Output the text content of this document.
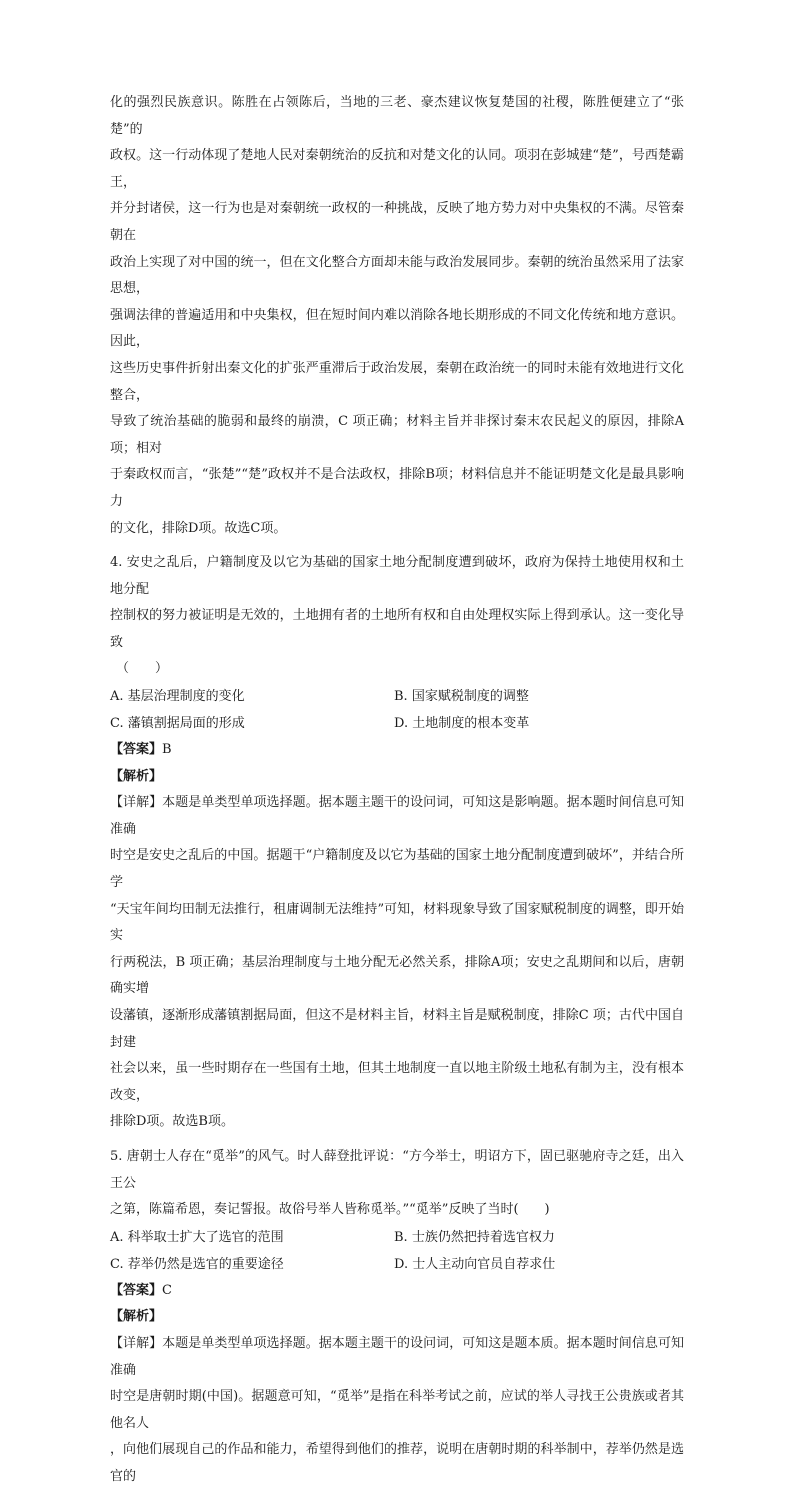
化的强烈民族意识。陈胜在占领陈后，当地的三老、豪杰建议恢复楚国的社稷，陈胜便建立了“张楚”的

政权。这一行动体现了楚地人民对秦朝统治的反抗和对楚文化的认同。项羽在彭城建“楚”，号西楚霸王，

并分封诸侯，这一行为也是对秦朝统一政权的一种挑战，反映了地方势力对中央集权的不满。尽管秦朝在

政治上实现了对中国的统一，但在文化整合方面却未能与政治发展同步。秦朝的统治虽然采用了法家思想，

强调法律的普遍适用和中央集权，但在短时间内难以消除各地长期形成的不同文化传统和地方意识。因此，

这些历史事件折射出秦文化的扩张严重滞后于政治发展，秦朝在政治统一的同时未能有效地进行文化整合，

导致了统治基础的脆弱和最终的崩溃，C 项正确；材料主旨并非探讨秦末农民起义的原因，排除A项；相对

于秦政权而言，“张楚”“楚”政权并不是合法政权，排除B项；材料信息并不能证明楚文化是最具影响力

的文化，排除D项。故选C项。

4. 安史之乱后，户籍制度及以它为基础的国家土地分配制度遭到破坏，政府为保持土地使用权和土地分配

控制权的努力被证明是无效的，土地拥有者的土地所有权和自由处理权实际上得到承认。这一变化导致

（　　）

A. 基层治理制度的变化	B. 国家赋税制度的调整
C. 藩镇割据局面的形成	D. 土地制度的根本变革

【答案】B

【解析】

【详解】本题是单类型单项选择题。据本题主题干的设问词，可知这是影响题。据本题时间信息可知准确

时空是安史之乱后的中国。据题干“户籍制度及以它为基础的国家土地分配制度遭到破坏”，并结合所学

“天宝年间均田制无法推行，租庸调制无法维持”可知，材料现象导致了国家赋税制度的调整，即开始实

行两税法，B 项正确；基层治理制度与土地分配无必然关系，排除A项；安史之乱期间和以后，唐朝确实增

设藩镇，逐渐形成藩镇割据局面，但这不是材料主旨，材料主旨是赋税制度，排除C 项；古代中国自封建

社会以来，虽一些时期存在一些国有土地，但其土地制度一直以地主阶级土地私有制为主，没有根本改变，

排除D项。故选B项。

5. 唐朝士人存在“觅举”的风气。时人薛登批评说：“方今举士，明诏方下，固已驱驰府寺之廷，出入王公

之第，陈篇希恩，奏记誓报。故俗号举人皆称觅举。”“觅举”反映了当时(　　)

A. 科举取士扩大了选官的范围	B. 士族仍然把持着选官权力
C. 荐举仍然是选官的重要途径	D. 士人主动向官员自荐求仕

【答案】C

【解析】

【详解】本题是单类型单项选择题。据本题主题干的设问词，可知这是题本质。据本题时间信息可知准确

时空是唐朝时期(中国)。据题意可知，“觅举”是指在科举考试之前，应试的举人寻找王公贵族或者其他名人

，向他们展现自己的作品和能力，希望得到他们的推荐，说明在唐朝时期的科举制中，荐举仍然是选官的
